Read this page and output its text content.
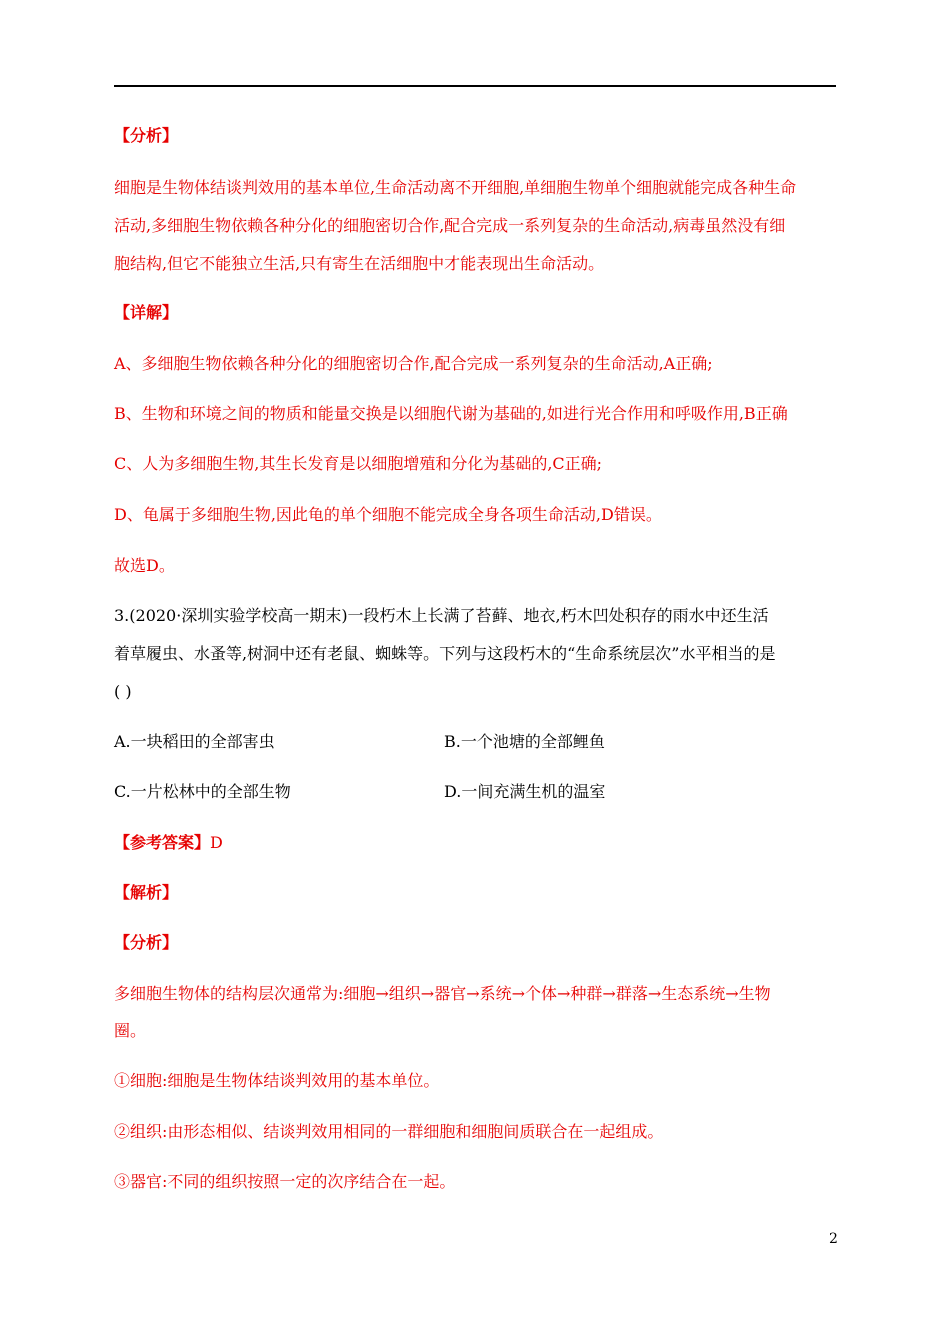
【分析】
细胞是生物体结谈判效用的基本单位,生命活动离不开细胞,单细胞生物单个细胞就能完成各种生命
活动,多细胞生物依赖各种分化的细胞密切合作,配合完成一系列复杂的生命活动,病毒虽然没有细
胞结构,但它不能独立生活,只有寄生在活细胞中才能表现出生命活动。
【详解】
A、多细胞生物依赖各种分化的细胞密切合作,配合完成一系列复杂的生命活动,A正确;
B、生物和环境之间的物质和能量交换是以细胞代谢为基础的,如进行光合作用和呼吸作用,B正确
C、人为多细胞生物,其生长发育是以细胞增殖和分化为基础的,C正确;
D、龟属于多细胞生物,因此龟的单个细胞不能完成全身各项生命活动,D错误。
故选D。
3.(2020·深圳实验学校高一期末)一段朽木上长满了苔藓、地衣,朽木凹处积存的雨水中还生活
着草履虫、水蚤等,树洞中还有老鼠、蜘蛛等。下列与这段朽木的“生命系统层次”水平相当的是
( )
A.一块稻田的全部害虫	B.一个池塘的全部鲤鱼
C.一片松林中的全部生物	D.一间充满生机的温室
【参考答案】D
【解析】
【分析】
多细胞生物体的结构层次通常为:细胞→组织→器官→系统→个体→种群→群落→生态系统→生物
圈。
①细胞:细胞是生物体结谈判效用的基本单位。
②组织:由形态相似、结谈判效用相同的一群细胞和细胞间质联合在一起组成。
③器官:不同的组织按照一定的次序结合在一起。
2
